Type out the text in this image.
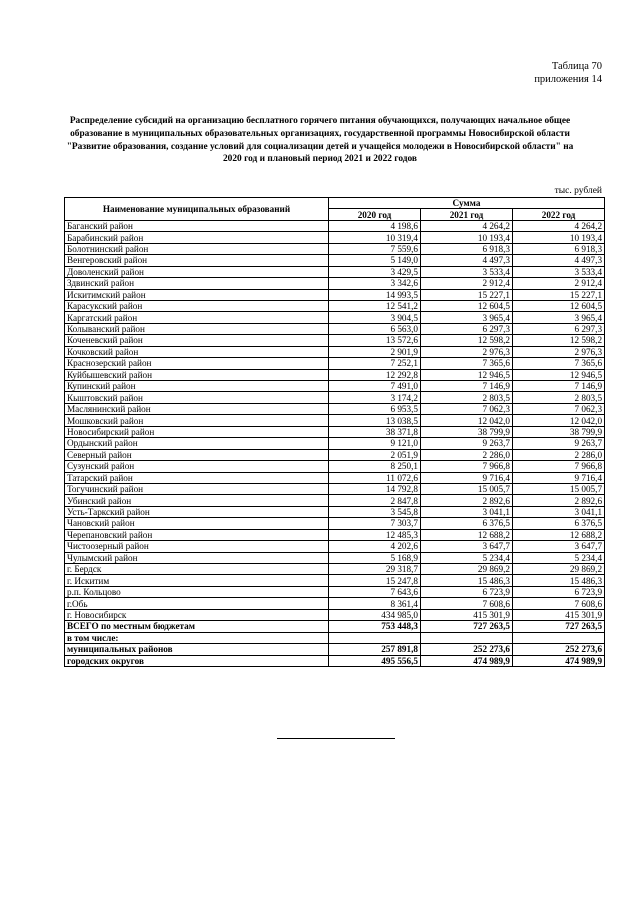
Таблица 70
приложения 14
Распределение субсидий на организацию бесплатного горячего питания обучающихся, получающих начальное общее образование в муниципальных образовательных организациях, государственной программы Новосибирской области "Развитие образования, создание условий для социализации детей и учащейся молодежи в Новосибирской области" на 2020 год и плановый период 2021 и 2022 годов
тыс. рублей
Наименование муниципальных образований	Сумма		
	2020 год	2021 год	2022 год
Баганский район	4 198,6	4 264,2	4 264,2
Барабинский район	10 319,4	10 193,4	10 193,4
Болотнинский район	7 559,6	6 918,3	6 918,3
Венгеровский район	5 149,0	4 497,3	4 497,3
Доволенский район	3 429,5	3 533,4	3 533,4
Здвинский район	3 342,6	2 912,4	2 912,4
Искитимский район	14 993,5	15 227,1	15 227,1
Карасукский район	12 541,2	12 604,5	12 604,5
Каргатский район	3 904,5	3 965,4	3 965,4
Колыванский район	6 563,0	6 297,3	6 297,3
Коченевский район	13 572,6	12 598,2	12 598,2
Кочковский район	2 901,9	2 976,3	2 976,3
Краснозерский район	7 252,1	7 365,6	7 365,6
Куйбышевский район	12 292,8	12 946,5	12 946,5
Купинский район	7 491,0	7 146,9	7 146,9
Кыштовский район	3 174,2	2 803,5	2 803,5
Маслянинский район	6 953,5	7 062,3	7 062,3
Мошковский район	13 038,5	12 042,0	12 042,0
Новосибирский район	38 371,8	38 799,9	38 799,9
Ордынский район	9 121,0	9 263,7	9 263,7
Северный район	2 051,9	2 286,0	2 286,0
Сузунский район	8 250,1	7 966,8	7 966,8
Татарский район	11 072,6	9 716,4	9 716,4
Тогучинский район	14 792,8	15 005,7	15 005,7
Убинский район	2 847,8	2 892,6	2 892,6
Усть-Таркский район	3 545,8	3 041,1	3 041,1
Чановский район	7 303,7	6 376,5	6 376,5
Черепановский район	12 485,3	12 688,2	12 688,2
Чистоозерный район	4 202,6	3 647,7	3 647,7
Чулымский район	5 168,9	5 234,4	5 234,4
г. Бердск	29 318,7	29 869,2	29 869,2
г. Искитим	15 247,8	15 486,3	15 486,3
р.п. Кольцово	7 643,6	6 723,9	6 723,9
г.Обь	8 361,4	7 608,6	7 608,6
г. Новосибирск	434 985,0	415 301,9	415 301,9
ВСЕГО по местным бюджетам	753 448,3	727 263,5	727 263,5
в том числе:			
муниципальных районов	257 891,8	252 273,6	252 273,6
городских округов	495 556,5	474 989,9	474 989,9
